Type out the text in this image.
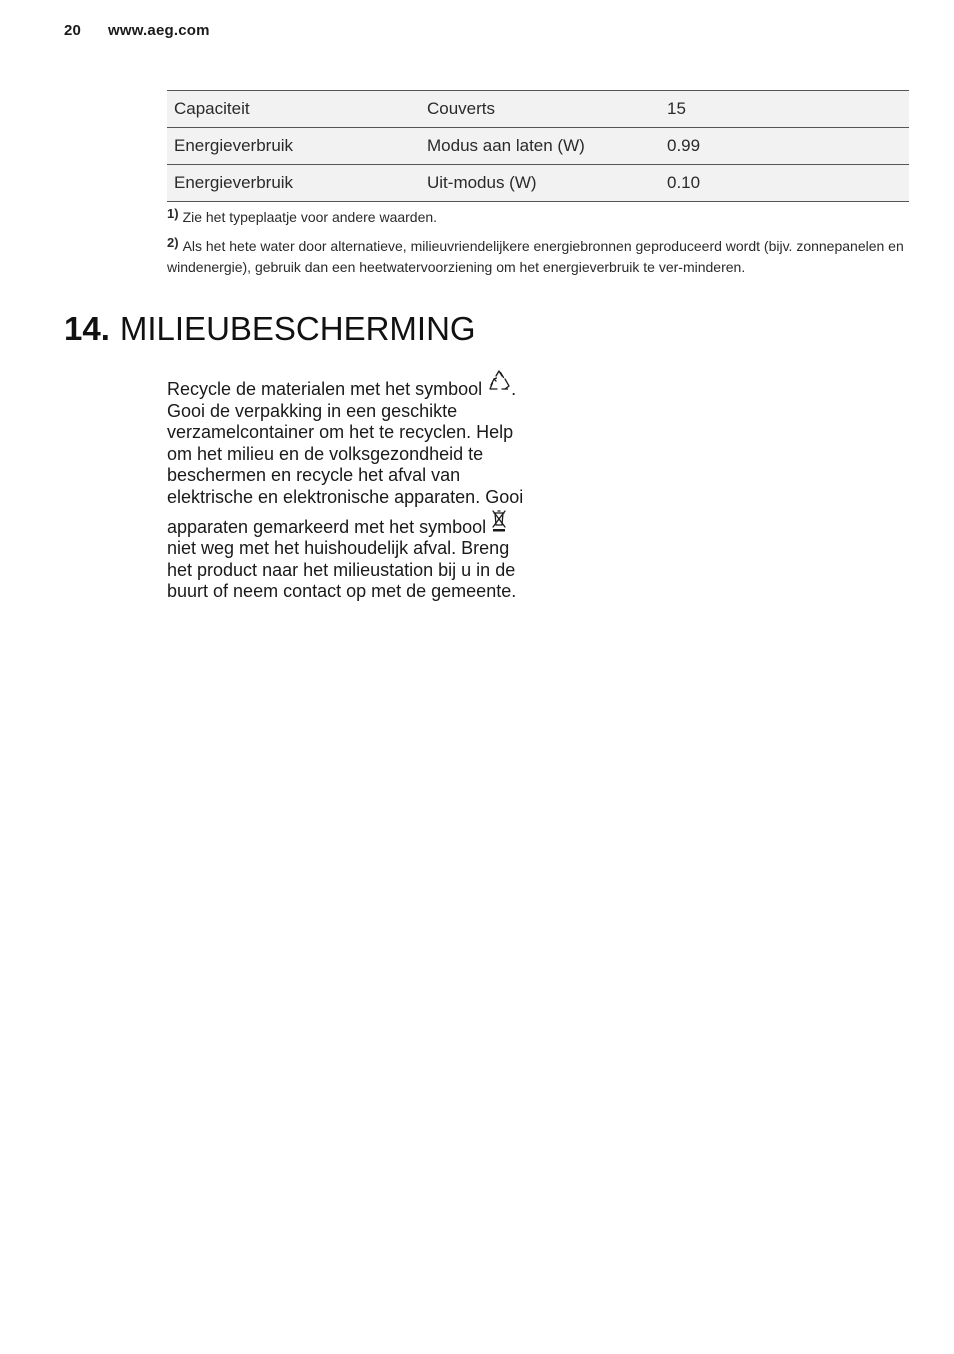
20 www.aeg.com
Capaciteit	Couverts	15
Energieverbruik	Modus aan laten (W)	0.99
Energieverbruik	Uit-modus (W)	0.10

1) Zie het typeplaatje voor andere waarden.

2) Als het hete water door alternatieve, milieuvriendelijkere energiebronnen geproduceerd wordt (bijv. zonnepanelen en windenergie), gebruik dan een heetwatervoorziening om het energieverbruik te ver-minderen.

14. MILIEUBESCHERMING
Recycle de materialen met het symbool . Gooi de verpakking in een geschikte verzamelcontainer om het te recyclen. Help om het milieu en de volksgezondheid te beschermen en recycle het afval van elektrische en elektronische apparaten. Gooi apparaten gemarkeerd met het symbool  niet weg met het huishoudelijk afval. Breng het product naar het milieustation bij u in de buurt of neem contact op met de gemeente.
